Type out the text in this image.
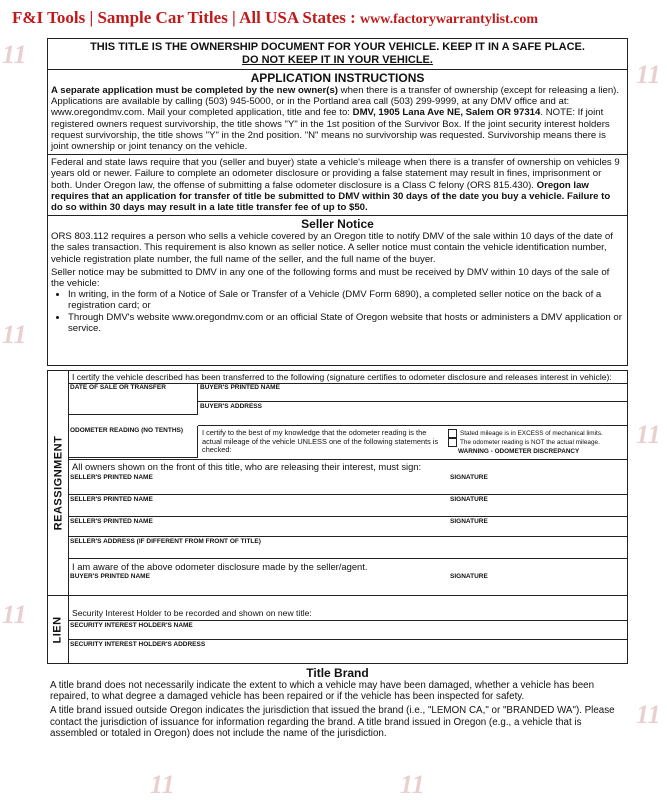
F&I Tools | Sample Car Titles | All USA States : www.factorywarrantylist.com
11
11
11
11
11
11
11	11
THIS TITLE IS THE OWNERSHIP DOCUMENT FOR YOUR VEHICLE. KEEP IT IN A SAFE PLACE.
DO NOT KEEP IT IN YOUR VEHICLE.
APPLICATION INSTRUCTIONS
A separate application must be completed by the new owner(s) when there is a transfer of ownership (except for releasing a lien). Applications are available by calling (503) 945-5000, or in the Portland area call (503) 299-9999, at any DMV office and at: www.oregondmv.com. Mail your completed application, title and fee to: DMV, 1905 Lana Ave NE, Salem OR 97314. NOTE: If joint registered owners request survivorship, the title shows "Y" in the 1st position of the Survivor Box. If the joint security interest holders request survivorship, the title shows "Y" in the 2nd position. "N" means no survivorship was requested. Survivorship means there is joint ownership or joint tenancy on the vehicle.
Federal and state laws require that you (seller and buyer) state a vehicle's mileage when there is a transfer of ownership on vehicles 9 years old or newer. Failure to complete an odometer disclosure or providing a false statement may result in fines, imprisonment or both. Under Oregon law, the offense of submitting a false odometer disclosure is a Class C felony (ORS 815.430). Oregon law requires that an application for transfer of title be submitted to DMV within 30 days of the date you buy a vehicle. Failure to do so within 30 days may result in a late title transfer fee of up to $50.
Seller Notice
ORS 803.112 requires a person who sells a vehicle covered by an Oregon title to notify DMV of the sale within 10 days of the date of the sales transaction. This requirement is also known as seller notice. A seller notice must contain the vehicle identification number, vehicle registration plate number, the full name of the seller, and the full name of the buyer.
Seller notice may be submitted to DMV in any one of the following forms and must be received by DMV within 10 days of the sale of the vehicle:
• In writing, in the form of a Notice of Sale or Transfer of a Vehicle (DMV Form 6890), a completed seller notice on the back of a registration card; or
• Through DMV's website www.oregondmv.com or an official State of Oregon website that hosts or administers a DMV application or service.
REASSIGNMENT
I certify the vehicle described has been transferred to the following (signature certifies to odometer disclosure and releases interest in vehicle):
DATE OF SALE OR TRANSFER	BUYER'S PRINTED NAME
BUYER'S ADDRESS
ODOMETER READING (NO TENTHS)	I certify to the best of my knowledge that the odometer reading is the actual mileage of the vehicle UNLESS one of the following statements is checked:
Stated mileage is in EXCESS of mechanical limits.
The odometer reading is NOT the actual mileage.
WARNING - ODOMETER DISCREPANCY
All owners shown on the front of this title, who are releasing their interest, must sign:
SELLER'S PRINTED NAME	SIGNATURE
SELLER'S PRINTED NAME	SIGNATURE
SELLER'S PRINTED NAME	SIGNATURE
SELLER'S ADDRESS (IF DIFFERENT FROM FRONT OF TITLE)
I am aware of the above odometer disclosure made by the seller/agent.
BUYER'S PRINTED NAME	SIGNATURE
LIEN
Security Interest Holder to be recorded and shown on new title:
SECURITY INTEREST HOLDER'S NAME
SECURITY INTEREST HOLDER'S ADDRESS
Title Brand
A title brand does not necessarily indicate the extent to which a vehicle may have been damaged, whether a vehicle has been repaired, to what degree a damaged vehicle has been repaired or if the vehicle has been inspected for safety.
A title brand issued outside Oregon indicates the jurisdiction that issued the brand (i.e., "LEMON CA," or "BRANDED WA"). Please contact the jurisdiction of issuance for information regarding the brand. A title brand issued in Oregon (e.g., a vehicle that is assembled or totaled in Oregon) does not include the name of the jurisdiction.
